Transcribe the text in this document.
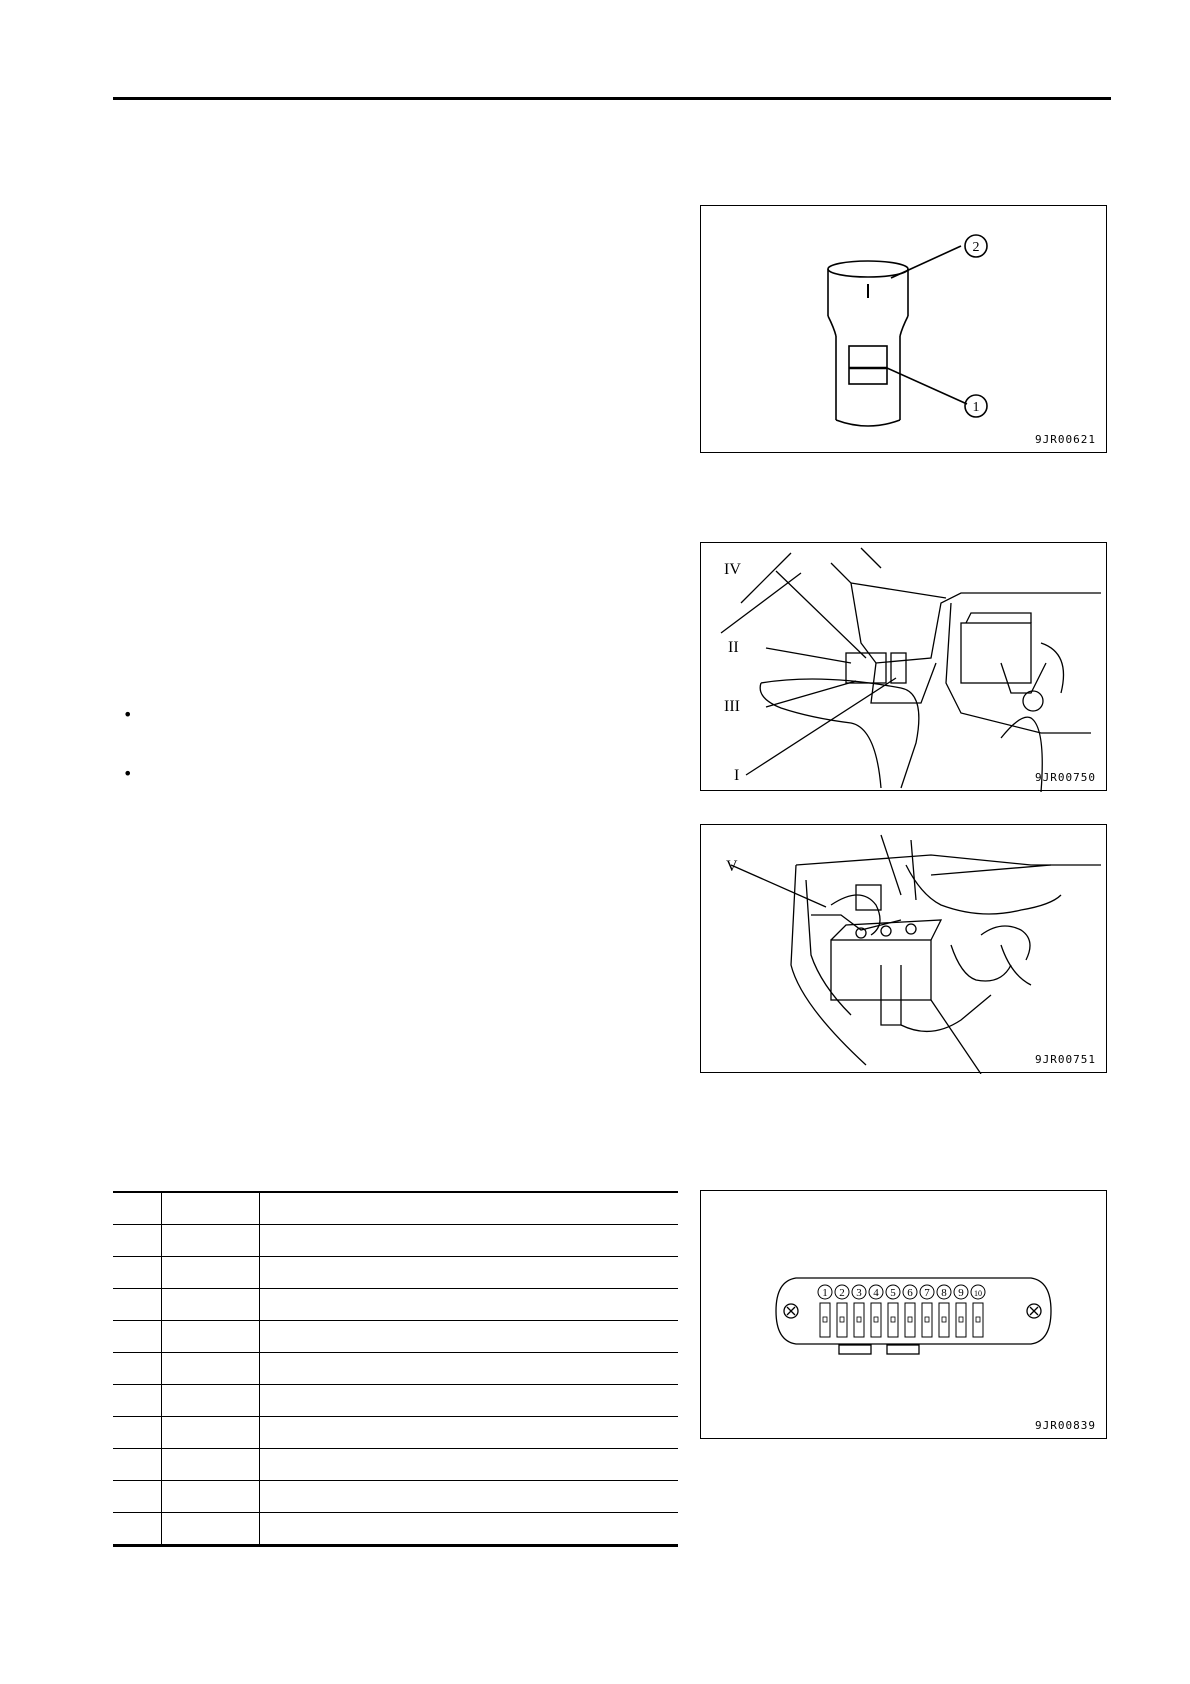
1
2
9JR00621
IV
II
III
I	9JR00750
V
9JR00751
1 2 3 4 5 6 7 8 9 10
9JR00839
•
•
